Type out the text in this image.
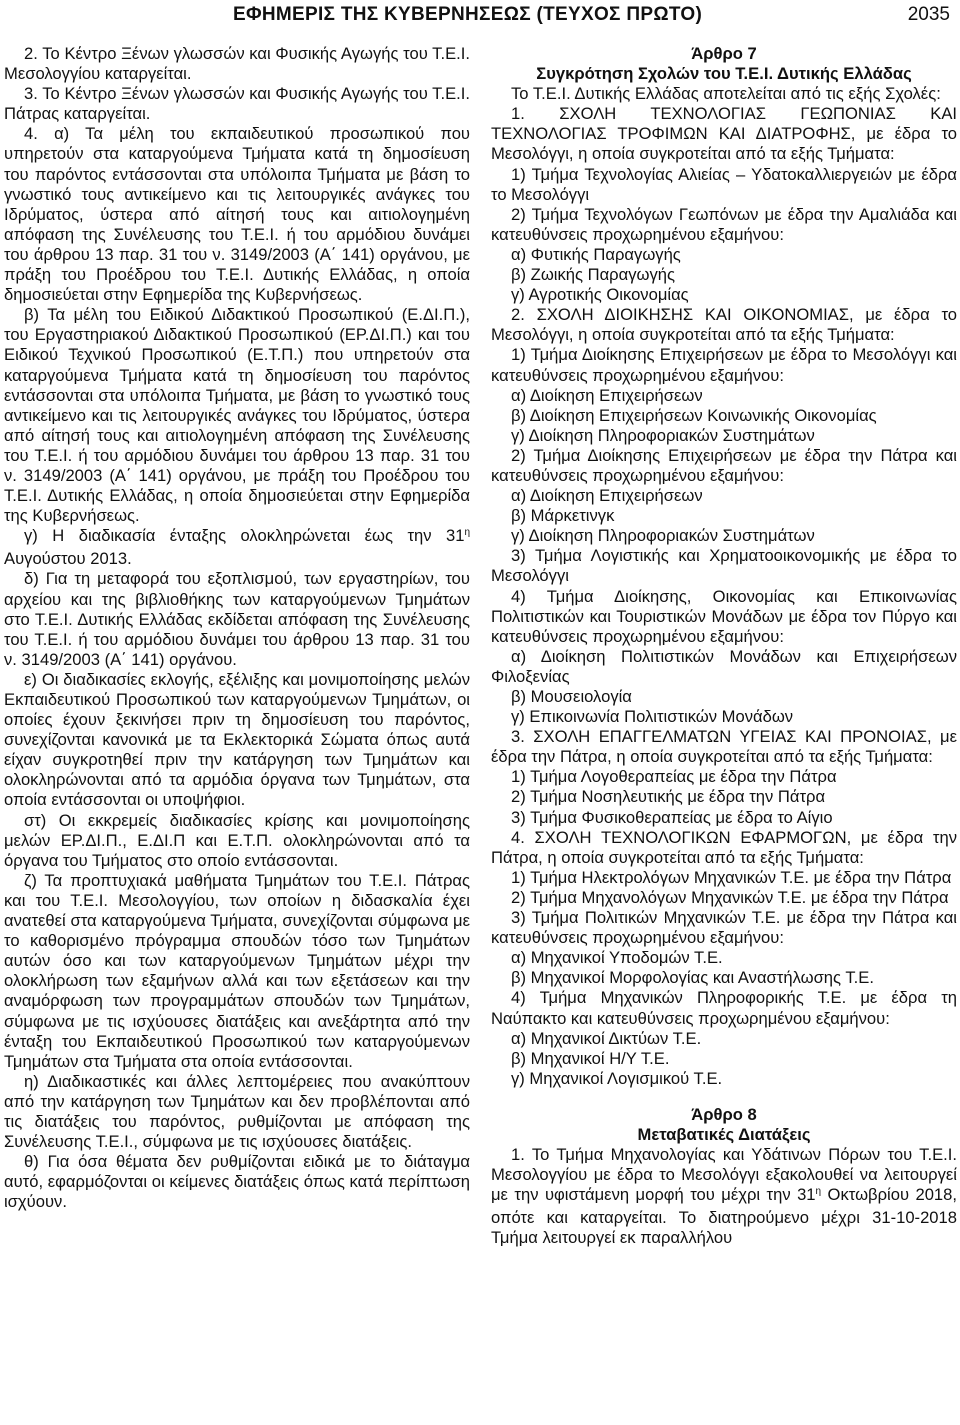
ΕΦΗΜΕΡΙΣ ΤΗΣ ΚΥΒΕΡΝΗΣΕΩΣ (ΤΕΥΧΟΣ ΠΡΩΤΟ)	2035

2. Το Κέντρο Ξένων γλωσσών και Φυσικής Αγωγής του Τ.Ε.Ι. Μεσολογγίου καταργείται.

3. Το Κέντρο Ξένων γλωσσών και Φυσικής Αγωγής του Τ.Ε.Ι. Πάτρας καταργείται.

4. α) Τα μέλη του εκπαιδευτικού προσωπικού που υπηρετούν στα καταργούμενα Τμήματα κατά τη δημοσίευση του παρόντος εντάσσονται στα υπόλοιπα Τμήματα με βάση το γνωστικό τους αντικείμενο και τις λειτουργικές ανάγκες του Ιδρύματος, ύστερα από αίτησή τους και αιτιολογημένη απόφαση της Συνέλευσης του Τ.Ε.Ι. ή του αρμόδιου δυνάμει του άρθρου 13 παρ. 31 του ν. 3149/2003 (Α΄ 141) οργάνου, με πράξη του Προέδρου του Τ.Ε.Ι. Δυτικής Ελλάδας, η οποία δημοσιεύεται στην Εφημερίδα της Κυβερνήσεως.

β) Τα μέλη του Ειδικού Διδακτικού Προσωπικού (Ε.ΔΙ.Π.), του Εργαστηριακού Διδακτικού Προσωπικού (ΕΡ.ΔΙ.Π.) και του Ειδικού Τεχνικού Προσωπικού (Ε.Τ.Π.) που υπηρετούν στα καταργούμενα Τμήματα κατά τη δημοσίευση του παρόντος εντάσσονται στα υπόλοιπα Τμήματα, με βάση το γνωστικό τους αντικείμενο και τις λειτουργικές ανάγκες του Ιδρύματος, ύστερα από αίτησή τους και αιτιολογημένη απόφαση της Συνέλευσης του Τ.Ε.Ι. ή του αρμόδιου δυνάμει του άρθρου 13 παρ. 31 του ν. 3149/2003 (Α΄ 141) οργάνου, με πράξη του Προέδρου του Τ.Ε.Ι. Δυτικής Ελλάδας, η οποία δημοσιεύεται στην Εφημερίδα της Κυβερνήσεως.

γ) Η διαδικασία ένταξης ολοκληρώνεται έως την $31^\eta$ Αυγούστου 2013.

δ) Για τη μεταφορά του εξοπλισμού, των εργαστηρίων, του αρχείου και της βιβλιοθήκης των καταργούμενων Τμημάτων στο Τ.Ε.Ι. Δυτικής Ελλάδας εκδίδεται απόφαση της Συνέλευσης του Τ.Ε.Ι. ή του αρμόδιου δυνάμει του άρθρου 13 παρ. 31 του ν. 3149/2003 (Α΄ 141) οργάνου.

ε) Οι διαδικασίες εκλογής, εξέλιξης και μονιμοποίησης μελών Εκπαιδευτικού Προσωπικού των καταργούμενων Τμημάτων, οι οποίες έχουν ξεκινήσει πριν τη δημοσίευση του παρόντος, συνεχίζονται κανονικά με τα Εκλεκτορικά Σώματα όπως αυτά είχαν συγκροτηθεί πριν την κατάργηση των Τμημάτων και ολοκληρώνονται από τα αρμόδια όργανα των Τμημάτων, στα οποία εντάσσονται οι υποψήφιοι.

στ) Οι εκκρεμείς διαδικασίες κρίσης και μονιμοποίησης μελών ΕΡ.ΔΙ.Π., Ε.ΔΙ.Π και Ε.Τ.Π. ολοκληρώνονται από τα όργανα του Τμήματος στο οποίο εντάσσονται.

ζ) Τα προπτυχιακά μαθήματα Τμημάτων του Τ.Ε.Ι. Πάτρας και του Τ.Ε.Ι. Μεσολογγίου, των οποίων η διδασκαλία έχει ανατεθεί στα καταργούμενα Τμήματα, συνεχίζονται σύμφωνα με το καθορισμένο πρόγραμμα σπουδών τόσο των Τμημάτων αυτών όσο και των καταργούμενων Τμημάτων μέχρι την ολοκλήρωση των εξαμήνων αλλά και των εξετάσεων και την αναμόρφωση των προγραμμάτων σπουδών των Τμημάτων, σύμφωνα με τις ισχύουσες διατάξεις και ανεξάρτητα από την ένταξη του Εκπαιδευτικού Προσωπικού των καταργούμενων Τμημάτων στα Τμήματα στα οποία εντάσσονται.

η) Διαδικαστικές και άλλες λεπτομέρειες που ανακύπτουν από την κατάργηση των Τμημάτων και δεν προβλέπονται από τις διατάξεις του παρόντος, ρυθμίζονται με απόφαση της Συνέλευσης Τ.Ε.Ι., σύμφωνα με τις ισχύουσες διατάξεις.

θ) Για όσα θέματα δεν ρυθμίζονται ειδικά με το διάταγμα αυτό, εφαρμόζονται οι κείμενες διατάξεις όπως κατά περίπτωση ισχύουν.

Άρθρο 7

Συγκρότηση Σχολών του Τ.Ε.Ι. Δυτικής Ελλάδας

Το Τ.Ε.Ι. Δυτικής Ελλάδας αποτελείται από τις εξής Σχολές:

1. ΣΧΟΛΗ ΤΕΧΝΟΛΟΓΙΑΣ ΓΕΩΠΟΝΙΑΣ ΚΑΙ ΤΕΧΝΟΛΟΓΙΑΣ ΤΡΟΦΙΜΩΝ ΚΑΙ ΔΙΑΤΡΟΦΗΣ, με έδρα το Μεσολόγγι, η οποία συγκροτείται από τα εξής Τμήματα:

1) Τμήμα Τεχνολογίας Αλιείας – Υδατοκαλλιεργειών με έδρα το Μεσολόγγι

2) Τμήμα Τεχνολόγων Γεωπόνων με έδρα την Αμαλιάδα και κατευθύνσεις προχωρημένου εξαμήνου:

α) Φυτικής Παραγωγής

β) Ζωικής Παραγωγής

γ) Αγροτικής Οικονομίας

2. ΣΧΟΛΗ ΔΙΟΙΚΗΣΗΣ ΚΑΙ ΟΙΚΟΝΟΜΙΑΣ, με έδρα το Μεσολόγγι, η οποία συγκροτείται από τα εξής Τμήματα:

1) Τμήμα Διοίκησης Επιχειρήσεων με έδρα το Μεσολόγγι και κατευθύνσεις προχωρημένου εξαμήνου:

α) Διοίκηση Επιχειρήσεων

β) Διοίκηση Επιχειρήσεων Κοινωνικής Οικονομίας

γ) Διοίκηση Πληροφοριακών Συστημάτων

2) Τμήμα Διοίκησης Επιχειρήσεων με έδρα την Πάτρα και κατευθύνσεις προχωρημένου εξαμήνου:

α) Διοίκηση Επιχειρήσεων

β) Μάρκετινγκ

γ) Διοίκηση Πληροφοριακών Συστημάτων

3) Τμήμα Λογιστικής και Χρηματοοικονομικής με έδρα το Μεσολόγγι

4) Τμήμα Διοίκησης, Οικονομίας και Επικοινωνίας Πολιτιστικών και Τουριστικών Μονάδων με έδρα τον Πύργο και κατευθύνσεις προχωρημένου εξαμήνου:

α) Διοίκηση Πολιτιστικών Μονάδων και Επιχειρήσεων Φιλοξενίας

β) Μουσειολογία

γ) Επικοινωνία Πολιτιστικών Μονάδων

3. ΣΧΟΛΗ ΕΠΑΓΓΕΛΜΑΤΩΝ ΥΓΕΙΑΣ ΚΑΙ ΠΡΟΝΟΙΑΣ, με έδρα την Πάτρα, η οποία συγκροτείται από τα εξής Τμήματα:

1) Τμήμα Λογοθεραπείας με έδρα την Πάτρα

2) Τμήμα Νοσηλευτικής με έδρα την Πάτρα

3) Τμήμα Φυσικοθεραπείας με έδρα το Αίγιο

4. ΣΧΟΛΗ ΤΕΧΝΟΛΟΓΙΚΩΝ ΕΦΑΡΜΟΓΩΝ, με έδρα την Πάτρα, η οποία συγκροτείται από τα εξής Τμήματα:

1) Τμήμα Ηλεκτρολόγων Μηχανικών Τ.Ε. με έδρα την Πάτρα

2) Τμήμα Μηχανολόγων Μηχανικών Τ.Ε. με έδρα την Πάτρα

3) Τμήμα Πολιτικών Μηχανικών Τ.Ε. με έδρα την Πάτρα και κατευθύνσεις προχωρημένου εξαμήνου:

α) Μηχανικοί Υποδομών Τ.Ε.

β) Μηχανικοί Μορφολογίας και Αναστήλωσης Τ.Ε.

4) Τμήμα Μηχανικών Πληροφορικής Τ.Ε. με έδρα τη Ναύπακτο και κατευθύνσεις προχωρημένου εξαμήνου:

α) Μηχανικοί Δικτύων Τ.Ε.

β) Μηχανικοί Η/Υ Τ.Ε.

γ) Μηχανικοί Λογισμικού Τ.Ε.

Άρθρο 8

Μεταβατικές Διατάξεις

1. Το Τμήμα Μηχανολογίας και Υδάτινων Πόρων του Τ.Ε.Ι. Μεσολογγίου με έδρα το Μεσολόγγι εξακολουθεί να λειτουργεί με την υφιστάμενη μορφή του μέχρι την $31^\eta$ Οκτωβρίου 2018, οπότε και καταργείται. Το διατηρούμενο μέχρι 31-10-2018 Τμήμα λειτουργεί εκ παραλλήλου
